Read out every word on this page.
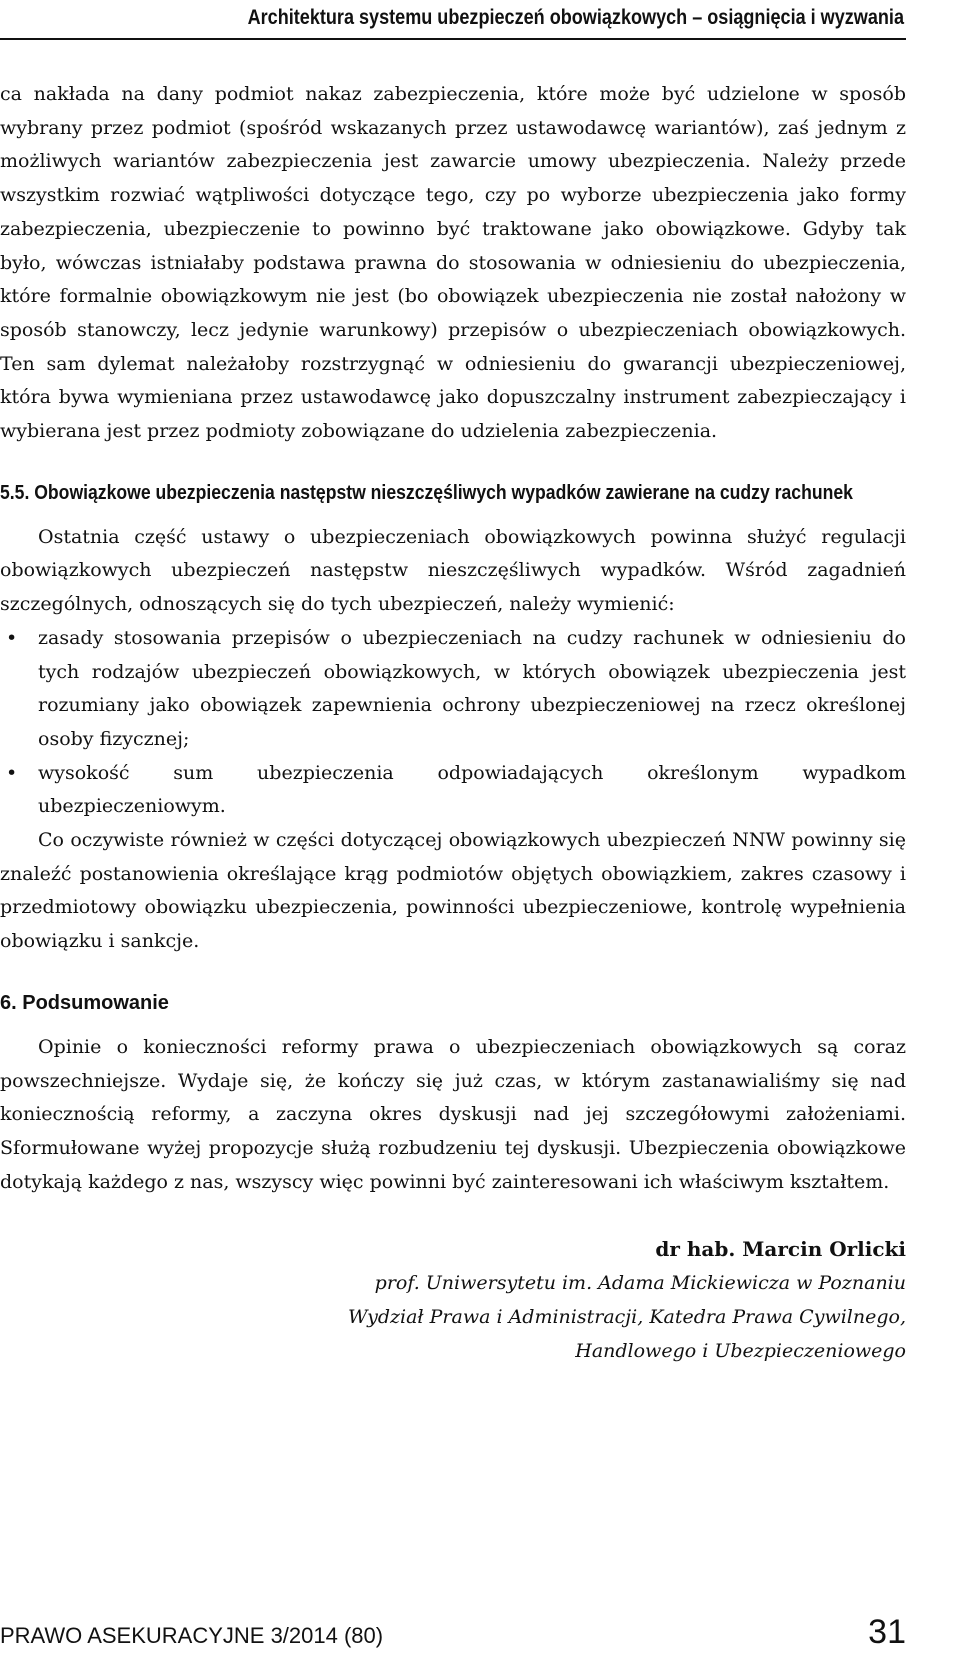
Architektura systemu ubezpieczeń obowiązkowych – osiągnięcia i wyzwania

ca nakłada na dany podmiot nakaz zabezpieczenia, które może być udzielone w sposób wybrany przez podmiot (spośród wskazanych przez ustawodawcę wariantów), zaś jednym z możliwych wariantów zabezpieczenia jest zawarcie umowy ubezpieczenia. Należy przede wszystkim rozwiać wątpliwości dotyczące tego, czy po wyborze ubezpieczenia jako formy zabezpieczenia, ubezpieczenie to powinno być traktowane jako obowiązkowe. Gdyby tak było, wówczas istniałaby podstawa prawna do stosowania w odniesieniu do ubezpieczenia, które formalnie obowiązkowym nie jest (bo obowiązek ubezpieczenia nie został nałożony w sposób stanowczy, lecz jedynie warunkowy) przepisów o ubezpieczeniach obowiązkowych. Ten sam dylemat należałoby rozstrzygnąć w odniesieniu do gwarancji ubezpieczeniowej, która bywa wymieniana przez ustawodawcę jako dopuszczalny instrument zabezpieczający i wybierana jest przez podmioty zobowiązane do udzielenia zabezpieczenia.

5.5. Obowiązkowe ubezpieczenia następstw nieszczęśliwych wypadków zawierane na cudzy rachunek

Ostatnia część ustawy o ubezpieczeniach obowiązkowych powinna służyć regulacji obowiązkowych ubezpieczeń następstw nieszczęśliwych wypadków. Wśród zagadnień szczególnych, odnoszących się do tych ubezpieczeń, należy wymienić:

• zasady stosowania przepisów o ubezpieczeniach na cudzy rachunek w odniesieniu do tych rodzajów ubezpieczeń obowiązkowych, w których obowiązek ubezpieczenia jest rozumiany jako obowiązek zapewnienia ochrony ubezpieczeniowej na rzecz określonej osoby fizycznej;
• wysokość sum ubezpieczenia odpowiadających określonym wypadkom ubezpieczeniowym.

Co oczywiste również w części dotyczącej obowiązkowych ubezpieczeń NNW powinny się znaleźć postanowienia określające krąg podmiotów objętych obowiązkiem, zakres czasowy i przedmiotowy obowiązku ubezpieczenia, powinności ubezpieczeniowe, kontrolę wypełnienia obowiązku i sankcje.

6. Podsumowanie

Opinie o konieczności reformy prawa o ubezpieczeniach obowiązkowych są coraz powszechniejsze. Wydaje się, że kończy się już czas, w którym zastanawialiśmy się nad koniecznością reformy, a zaczyna okres dyskusji nad jej szczegółowymi założeniami. Sformułowane wyżej propozycje służą rozbudzeniu tej dyskusji. Ubezpieczenia obowiązkowe dotykają każdego z nas, wszyscy więc powinni być zainteresowani ich właściwym kształtem.

dr hab. Marcin Orlicki
prof. Uniwersytetu im. Adama Mickiewicza w Poznaniu
Wydział Prawa i Administracji, Katedra Prawa Cywilnego,
Handlowego i Ubezpieczeniowego
PRAWO ASEKURACYJNE 3/2014 (80)	31
